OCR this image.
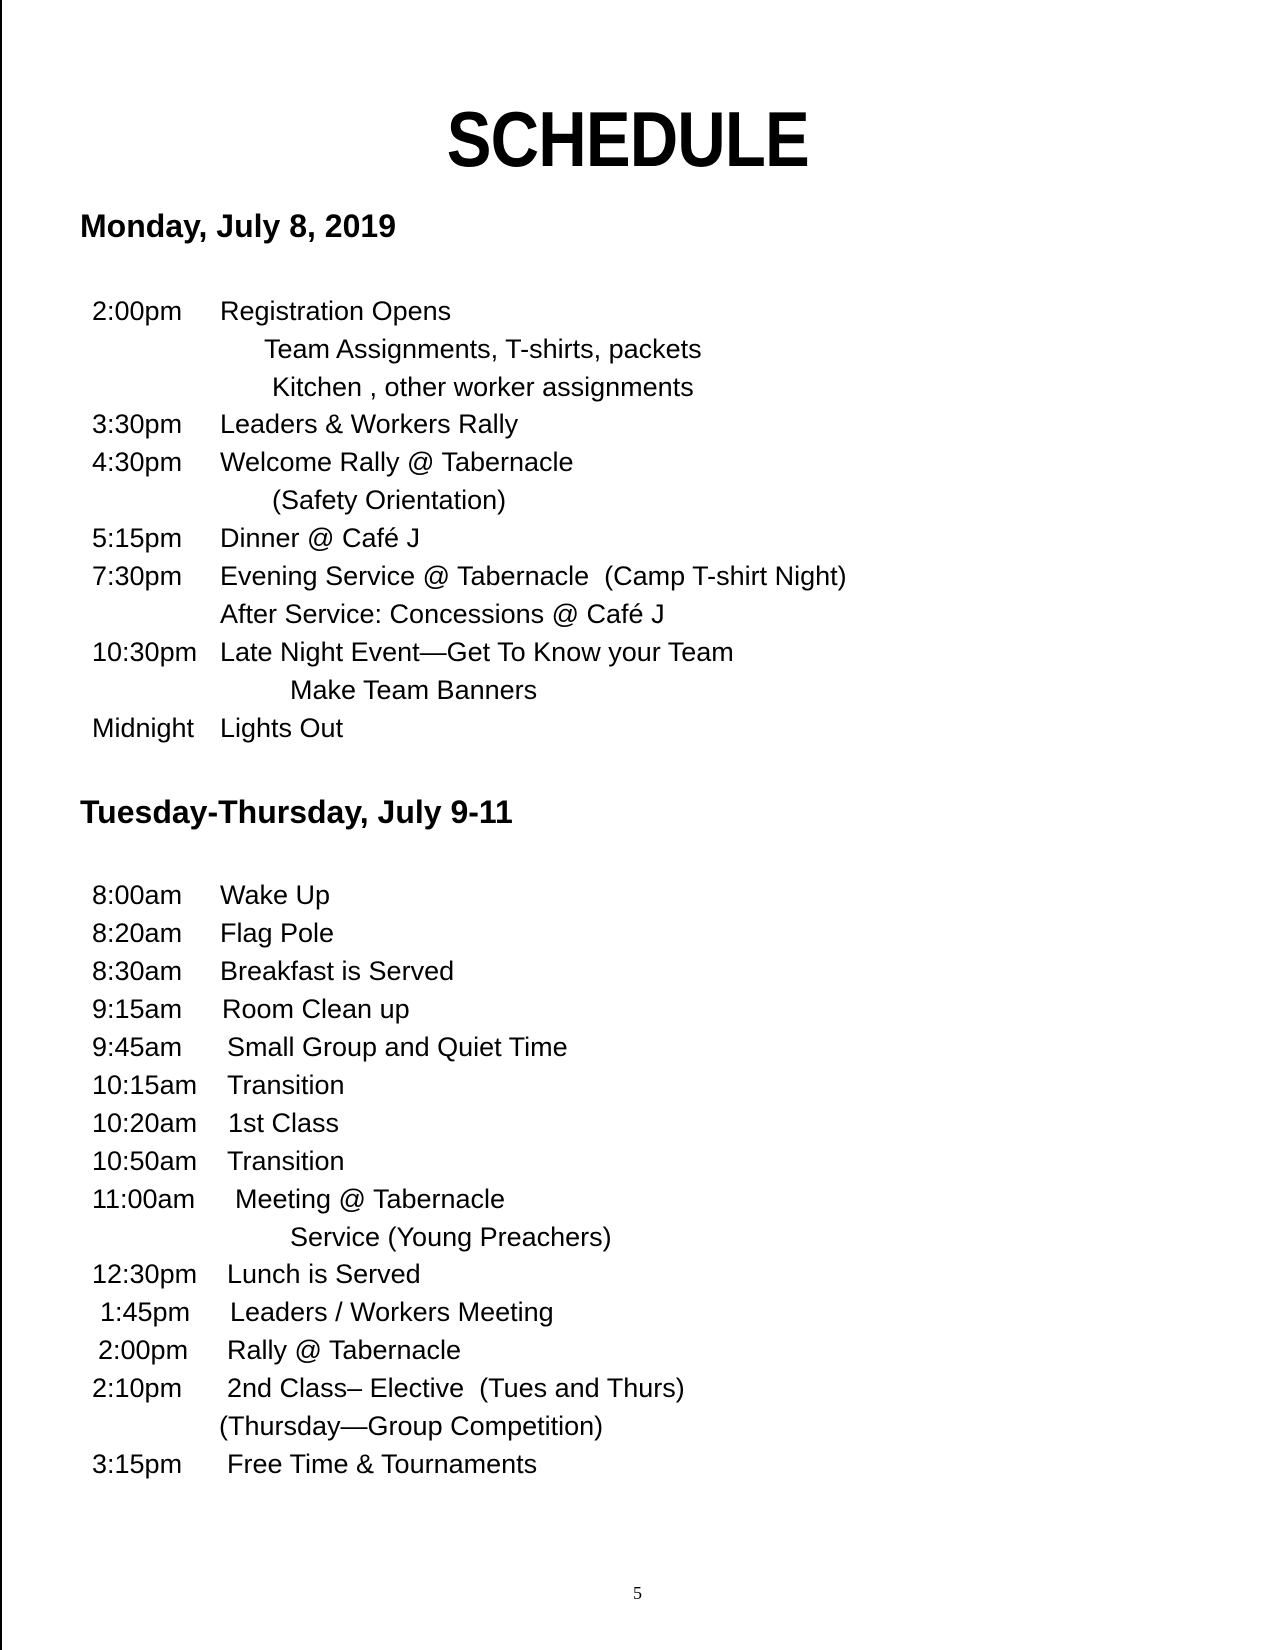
SCHEDULE
Monday, July 8, 2019

2:00pm

Registration Opens

Team Assignments, T-shirts, packets
Kitchen , other worker assignments

3:30pm

Leaders & Workers Rally

4:30pm

Welcome Rally @ Tabernacle

(Safety Orientation)

5:15pm

Dinner @ Café J

7:30pm

Evening Service @ Tabernacle  (Camp T-shirt Night)

After Service: Concessions @ Café J

10:30pm

Late Night Event—Get To Know your Team

Make Team Banners

Midnight

Lights Out

Tuesday-Thursday, July 9-11

8:00am

Wake Up

8:20am

Flag Pole

8:30am

Breakfast is Served

9:15am

Room Clean up

9:45am

Small Group and Quiet Time

10:15am

Transition

10:20am

1st Class

10:50am

Transition

11:00am

Meeting @ Tabernacle

Service (Young Preachers)

12:30pm

Lunch is Served

1:45pm

Leaders / Workers Meeting

2:00pm

Rally @ Tabernacle

2:10pm

2nd Class– Elective  (Tues and Thurs)

(Thursday—Group Competition)

3:15pm

Free Time & Tournaments

5
